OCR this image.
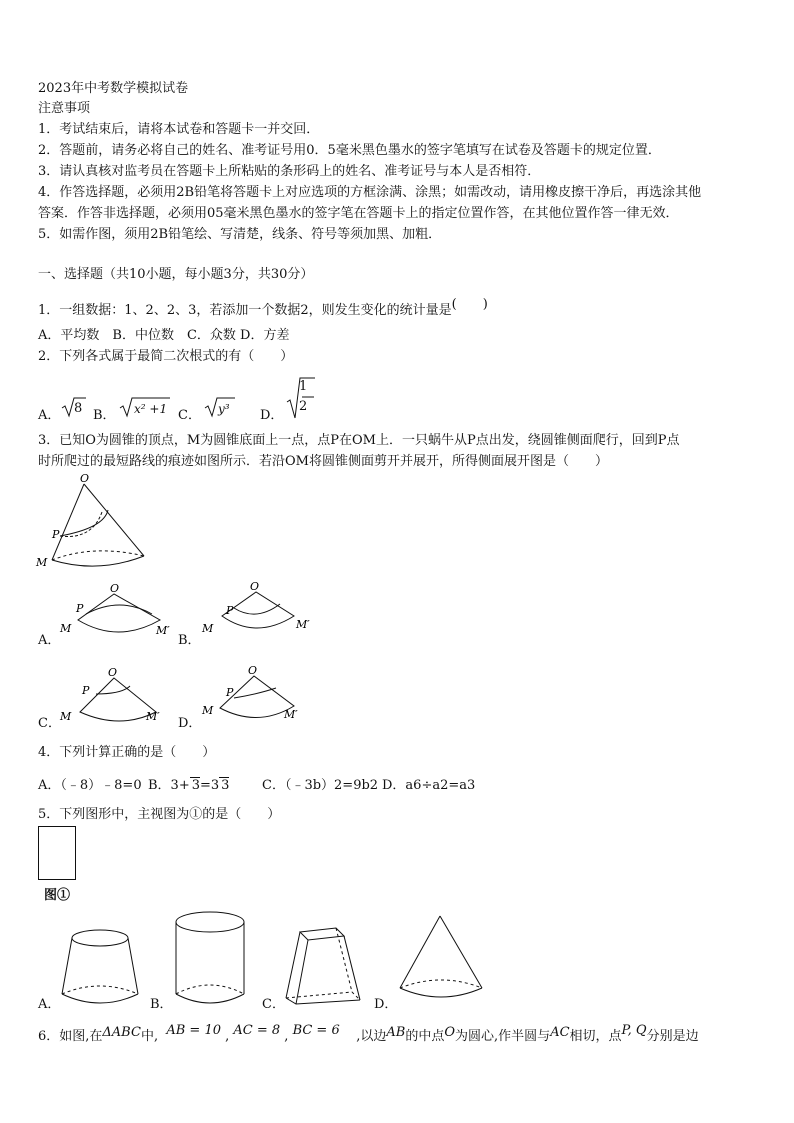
2023年中考数学模拟试卷
注意事项
1．考试结束后，请将本试卷和答题卡一并交回．
2．答题前，请务必将自己的姓名、准考证号用0．5毫米黑色墨水的签字笔填写在试卷及答题卡的规定位置．
3．请认真核对监考员在答题卡上所粘贴的条形码上的姓名、准考证号与本人是否相符．
4．作答选择题，必须用2B铅笔将答题卡上对应选项的方框涂满、涂黑；如需改动，请用橡皮擦干净后，再选涂其他
答案．作答非选择题，必须用05毫米黑色墨水的签字笔在答题卡上的指定位置作答，在其他位置作答一律无效．
5．如需作图，须用2B铅笔绘、写清楚，线条、符号等须加黑、加粗．
一、选择题（共10小题，每小题3分，共30分）
1．一组数据：1、2、2、3，若添加一个数据2，则发生变化的统计量是(　　)
A．平均数　B．中位数　C．众数 D．方差
2．下列各式属于最简二次根式的有（　　）
A．	B．	C．	D．
8	x² +1	y³
1
2
3．已知O为圆锥的顶点，M为圆锥底面上一点，点P在OM上．一只蜗牛从P点出发，绕圆锥侧面爬行，回到P点
时所爬过的最短路线的痕迹如图所示．若沿OM将圆锥侧面剪开并展开，所得侧面展开图是（　　）
O
P
M
A．
O
P
M	M′
B．
O
P
M	M′
C．
O
P
M	M′ D．
O
P
M	M′
4．下列计算正确的是（　　）
A．（﹣8）﹣8=0 B．3+ 3=3 3	C．（﹣3b）2=9b2 D．a6÷a2=a3
5．下列图形中，主视图为①的是（　　）
图①
A．	B．	C．	D．
6．如图,在ΔABC中, AB = 10 , AC = 8 , BC = 6 ,以边AB的中点O为圆心,作半圆与AC相切，点P, Q分别是边
